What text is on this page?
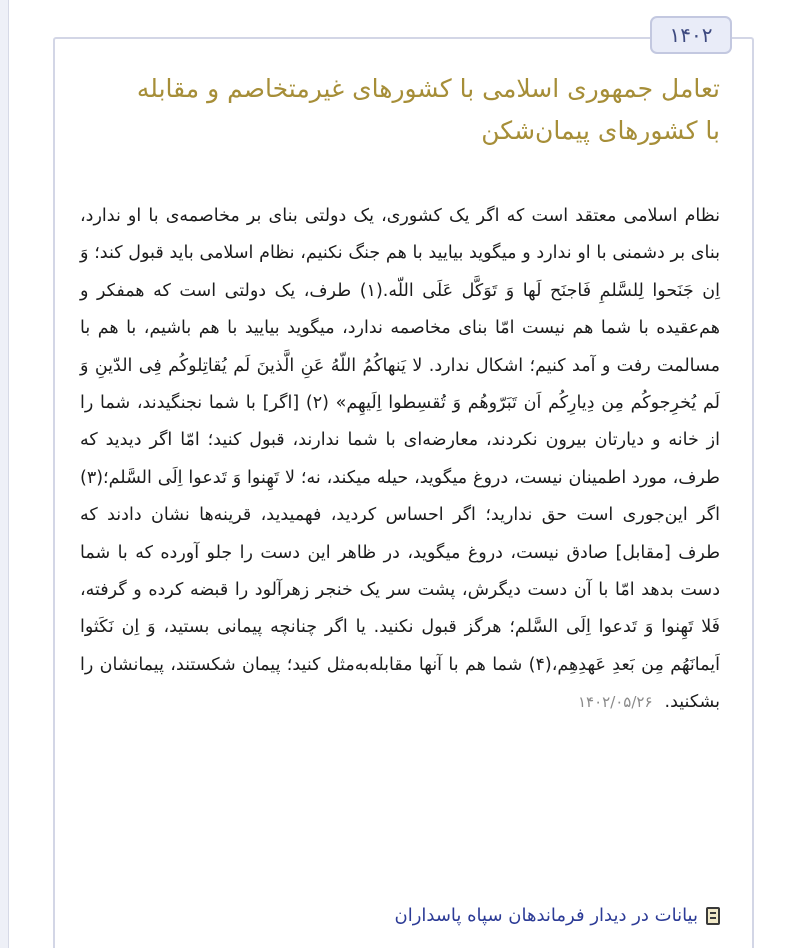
۱۴۰۲
تعامل جمهوری اسلامی با کشورهای غیرمتخاصم و مقابله با کشورهای پیمان‌شکن

نظام اسلامی معتقد است که اگر یک کشوری، یک دولتی بنای بر مخاصمه‌ی با او ندارد، بنای بر دشمنی با او ندارد و میگوید بیایید با هم جنگ نکنیم، نظام اسلامی باید قبول کند؛ وَ اِن جَنَحوا لِلسَّلمِ فَاجنَح لَها وَ تَوَکَّل عَلَی اللّه.(۱) طرف، یک دولتی است که همفکر و هم‌عقیده با شما هم نیست امّا بنای مخاصمه ندارد، میگوید بیایید با هم باشیم، با هم با مسالمت رفت و آمد کنیم؛ اشکال ندارد. لا یَنهاکُمُ اللّهُ عَنِ الَّذینَ لَم یُقاتِلوکُم فِی الدّینِ وَ لَم یُخرِجوکُم مِن دِیارِکُم اَن تَبَرّوهُم وَ تُقسِطوا اِلَیهِم» (۲) [اگر] با شما نجنگیدند، شما را از خانه و دیارتان بیرون نکردند، معارضه‌ای با شما ندارند، قبول کنید؛ امّا اگر دیدید که طرف، مورد اطمینان نیست، دروغ میگوید، حیله میکند، نه؛ لا تَهِنوا وَ تَدعوا اِلَی السَّلم؛(۳) اگر این‌جوری است حق ندارید؛ اگر احساس کردید، فهمیدید، قرینه‌ها نشان دادند که طرف [مقابل] صادق نیست، دروغ میگوید، در ظاهر این دست را جلو آورده که با شما دست بدهد امّا با آن دست دیگرش، پشت سر یک خنجر زهرآلود را قبضه کرده و گرفته، فَلا تَهِنوا وَ تَدعوا اِلَی السَّلم؛ هرگز قبول نکنید. یا اگر چنانچه پیمانی بستید، وَ اِن نَکَثوا اَیمانَهُم مِن بَعدِ عَهدِهِم،(۴) شما هم با آنها مقابله‌به‌مثل کنید؛ پیمان شکستند، پیمانشان را بشکنید.۱۴۰۲/۰۵/۲۶

بیانات در دیدار فرماندهان سپاه پاسداران
